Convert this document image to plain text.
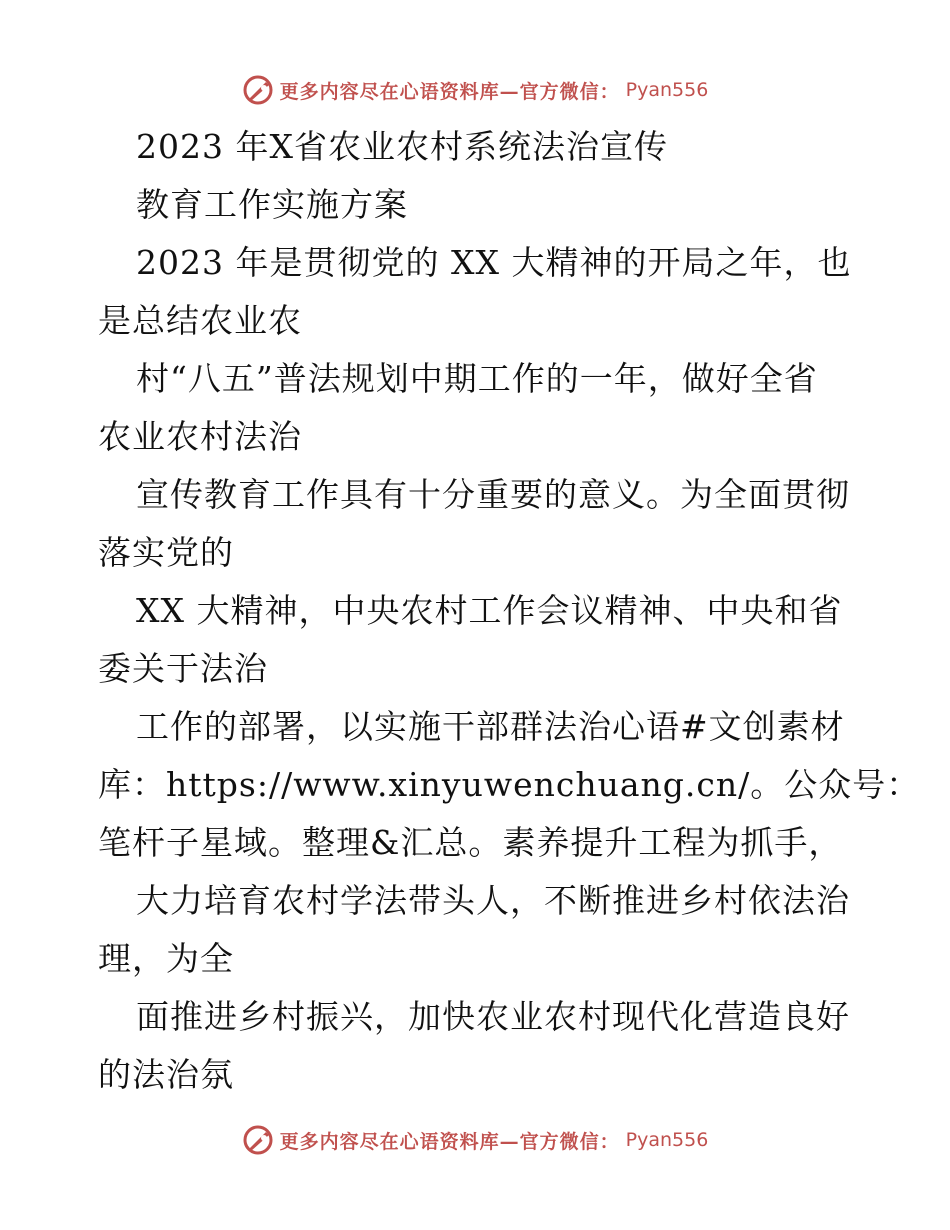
更多内容尽在心语资料库—官方微信： Pyan556

2023 年X省农业农村系统法治宣传

教育工作实施方案

2023 年是贯彻党的 XX 大精神的开局之年，也

是总结农业农

村“八五”普法规划中期工作的一年，做好全省

农业农村法治

宣传教育工作具有十分重要的意义。为全面贯彻

落实党的

XX 大精神，中央农村工作会议精神、中央和省

委关于法治

工作的部署，以实施干部群法治心语#文创素材

库：https://www.xinyuwenchuang.cn/。公众号：

笔杆子星域。整理&汇总。素养提升工程为抓手，

大力培育农村学法带头人，不断推进乡村依法治

理，为全

面推进乡村振兴，加快农业农村现代化营造良好

的法治氛

更多内容尽在心语资料库—官方微信： Pyan556
